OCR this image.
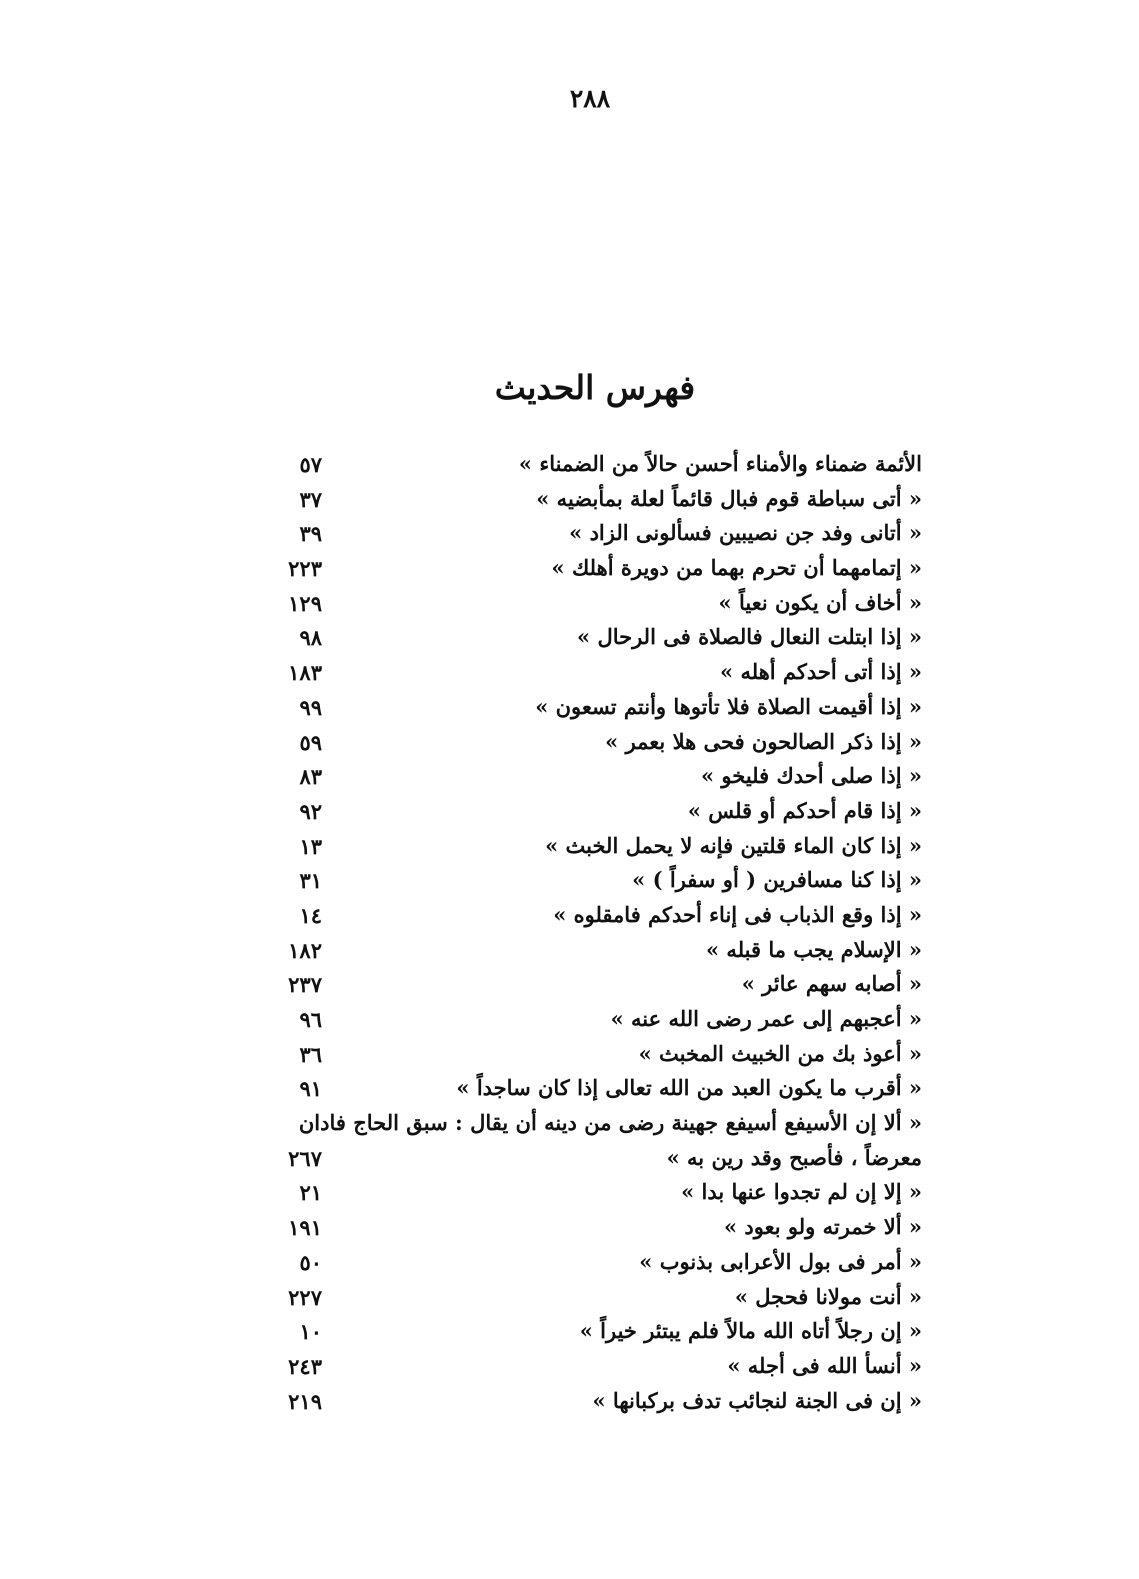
٢٨٨
فهرس الحديث
الأئمة ضمناء والأمناء أحسن حالاً من الضمناء »
٥٧
« أتى سباطة قوم فبال قائماً لعلة بمأبضيه »
٣٧
« أتانى وفد جن نصيبين فسألونى الزاد »
٣٩
« إتمامهما أن تحرم بهما من دويرة أهلك »
٢٢٣
« أخاف أن يكون نعياً »
١٢٩
« إذا ابتلت النعال فالصلاة فى الرحال »
٩٨
« إذا أتى أحدكم أهله »
١٨٣
« إذا أقيمت الصلاة فلا تأتوها وأنتم تسعون »
٩٩
« إذا ذكر الصالحون فحى هلا بعمر »
٥٩
« إذا صلى أحدك فليخو »
٨٣
« إذا قام أحدكم أو قلس »
٩٢
« إذا كان الماء قلتين فإنه لا يحمل الخبث »
١٣
« إذا كنا مسافرين ( أو سفراً ) »
٣١
« إذا وقع الذباب فى إناء أحدكم فامقلوه »
١٤
« الإسلام يجب ما قبله »
١٨٢
« أصابه سهم عائر »
٢٣٧
« أعجبهم إلى عمر رضى الله عنه »
٩٦
« أعوذ بك من الخبيث المخبث »
٣٦
« أقرب ما يكون العبد من الله تعالى إذا كان ساجداً »
٩١
« ألا إن الأسيفع أسيفع جهينة رضى من دينه أن يقال : سبق الحاج فادان
معرضاً ، فأصبح وقد رين به »
٢٦٧
« إلا إن لم تجدوا عنها بدا »
٢١
« ألا خمرته ولو بعود »
١٩١
« أمر فى بول الأعرابى بذنوب »
٥٠
« أنت مولانا فحجل »
٢٢٧
« إن رجلاً أتاه الله مالاً فلم يبتئر خيراً »
١٠
« أنسأ الله فى أجله »
٢٤٣
« إن فى الجنة لنجائب تدف بركبانها »
٢١٩
